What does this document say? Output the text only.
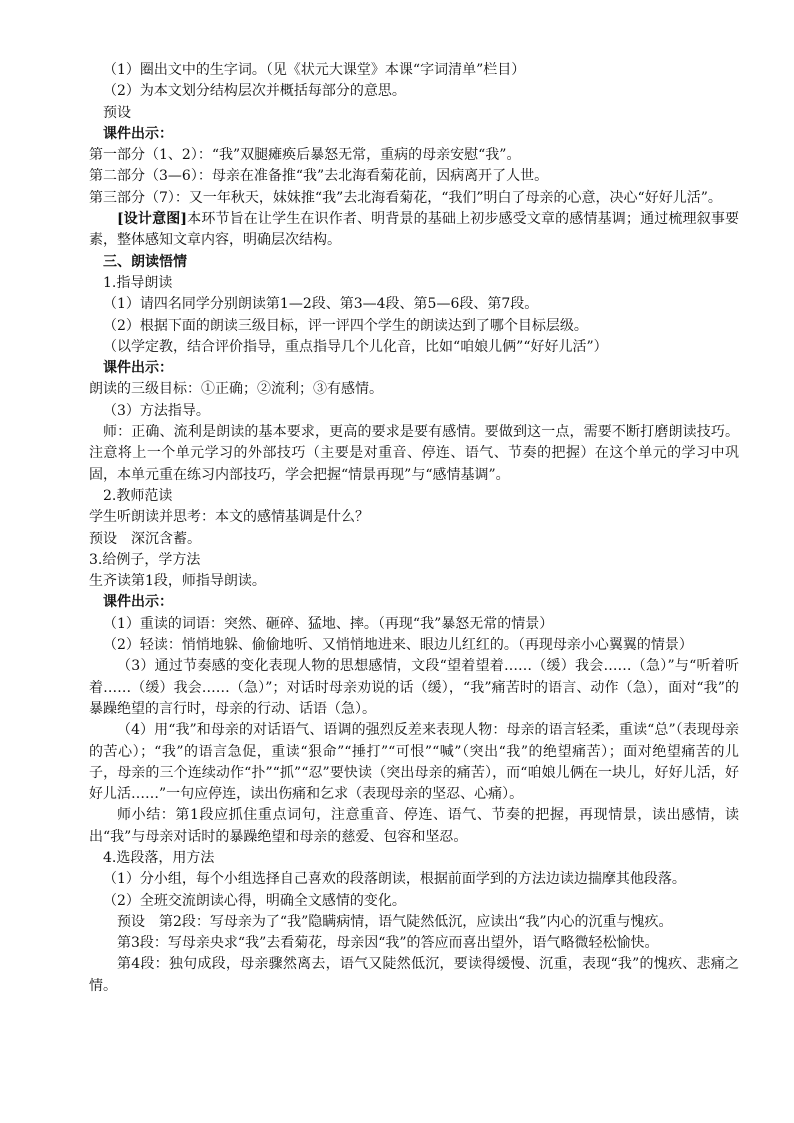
（1）圈出文中的生字词。（见《状元大课堂》本课“字词清单”栏目）

（2）为本文划分结构层次并概括每部分的意思。

预设

课件出示：

第一部分（1、2）：“我”双腿瘫痪后暴怒无常，重病的母亲安慰“我”。

第二部分（3—6）：母亲在准备推“我”去北海看菊花前，因病离开了人世。

第三部分（7）：又一年秋天，妹妹推“我”去北海看菊花，“我们”明白了母亲的心意，决心“好好儿活”。

[设计意图]本环节旨在让学生在识作者、明背景的基础上初步感受文章的感情基调；通过梳理叙事要素，整体感知文章内容，明确层次结构。

三、朗读悟情

1.指导朗读

（1）请四名同学分别朗读第1—2段、第3—4段、第5—6段、第7段。

（2）根据下面的朗读三级目标，评一评四个学生的朗读达到了哪个目标层级。

（以学定教，结合评价指导，重点指导几个儿化音，比如“咱娘儿俩”“好好儿活”）

课件出示：

朗读的三级目标：①正确；②流利；③有感情。

（3）方法指导。

师：正确、流利是朗读的基本要求，更高的要求是要有感情。要做到这一点，需要不断打磨朗读技巧。注意将上一个单元学习的外部技巧（主要是对重音、停连、语气、节奏的把握）在这个单元的学习中巩固，本单元重在练习内部技巧，学会把握“情景再现”与“感情基调”。

2.教师范读

学生听朗读并思考：本文的感情基调是什么？

预设　深沉含蓄。

3.给例子，学方法

生齐读第1段，师指导朗读。

课件出示：

（1）重读的词语：突然、砸碎、猛地、摔。（再现“我”暴怒无常的情景）

（2）轻读：悄悄地躲、偷偷地听、又悄悄地进来、眼边儿红红的。（再现母亲小心翼翼的情景）

（3）通过节奏感的变化表现人物的思想感情，文段“望着望着……（缓）我会……（急）”与“听着听着……（缓）我会……（急）”；对话时母亲劝说的话（缓），“我”痛苦时的语言、动作（急），面对“我”的暴躁绝望的言行时，母亲的行动、话语（急）。

（4）用“我”和母亲的对话语气、语调的强烈反差来表现人物：母亲的语言轻柔，重读“总”（表现母亲的苦心）；“我”的语言急促，重读“狠命”“捶打”“可恨”“喊”（突出“我”的绝望痛苦）；面对绝望痛苦的儿子，母亲的三个连续动作“扑”“抓”“忍”要快读（突出母亲的痛苦），而“咱娘儿俩在一块儿，好好儿活，好好儿活……”一句应停连，读出伤痛和乞求（表现母亲的坚忍、心痛）。

师小结：第1段应抓住重点词句，注意重音、停连、语气、节奏的把握，再现情景，读出感情，读出“我”与母亲对话时的暴躁绝望和母亲的慈爱、包容和坚忍。

4.选段落，用方法

（1）分小组，每个小组选择自己喜欢的段落朗读，根据前面学到的方法边读边揣摩其他段落。

（2）全班交流朗读心得，明确全文感情的变化。

预设　第2段：写母亲为了“我”隐瞒病情，语气陡然低沉，应读出“我”内心的沉重与愧疚。

第3段：写母亲央求“我”去看菊花，母亲因“我”的答应而喜出望外，语气略微轻松愉快。

第4段：独句成段，母亲骤然离去，语气又陡然低沉，要读得缓慢、沉重，表现“我”的愧疚、悲痛之情。
